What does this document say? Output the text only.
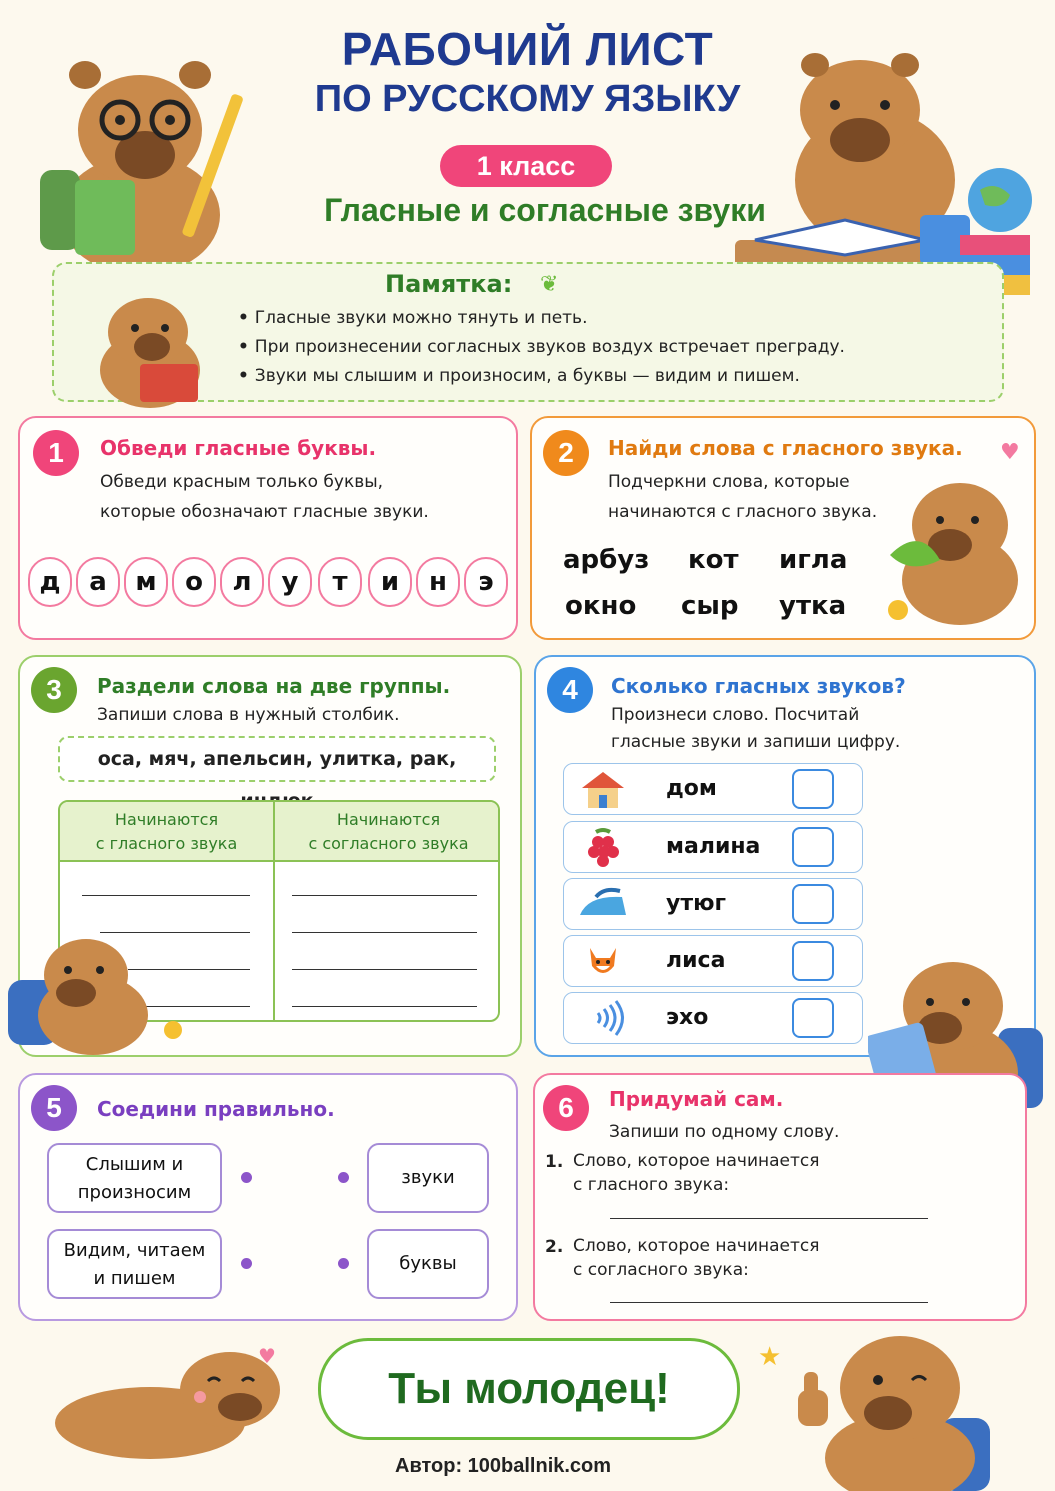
РАБОЧИЙ ЛИСТ
ПО РУССКОМУ ЯЗЫКУ
1 класс
Гласные и согласные звуки
Памятка: ❦
• Гласные звуки можно тянуть и петь.
• При произнесении согласных звуков воздух встречает преграду.
• Звуки мы слышим и произносим, а буквы — видим и пишем.
1	Обведи гласные буквы.
Обведи красным только буквы,
которые обозначают гласные звуки.
д	а	м	о	л	у	т	и	н	э
2	Найди слова с гласного звука.
Подчеркни слова, которые
начинаются с гласного звука.
арбуз кот игла
окно сыр утка
♥
3	Раздели слова на две группы.
Запиши слова в нужный столбик.
оса, мяч, апельсин, улитка, рак,
Начинаются
с гласного звука
Начинаются
с согласного звука
4	Сколько гласных звуков?
Произнеси слово. Посчитай
гласные звуки и запиши цифру.
дом
малина
утюг
лиса
эхо
5	Соедини правильно.
Слышим и
произносим
Видим, читаем
и пишем
звуки
буквы
6	Придумай сам.
Запиши по одному слову.
1. Слово, которое начинается
с гласного звука:
2. Слово, которое начинается
с согласного звука:
♥
Ты молодец!
★
Автор: 100ballnik.com
